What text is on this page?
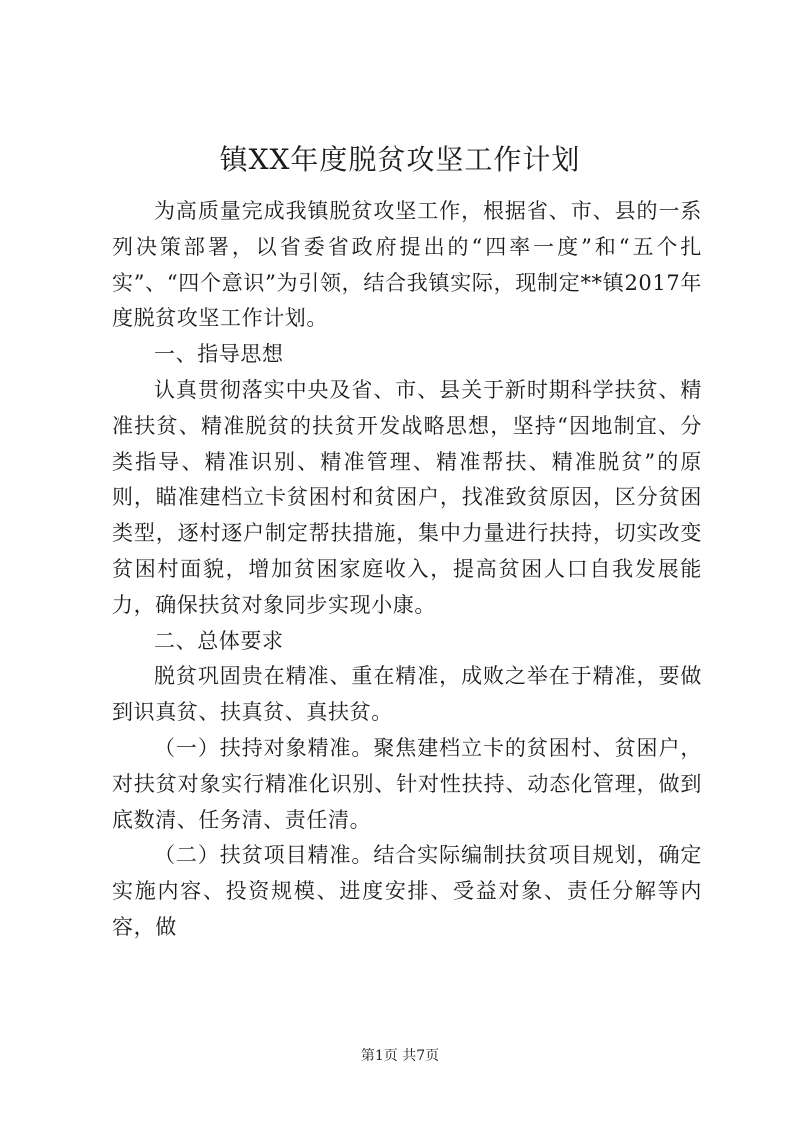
镇XX年度脱贫攻坚工作计划

为高质量完成我镇脱贫攻坚工作，根据省、市、县的一系列决策部署，以省委省政府提出的“四率一度”和“五个扎实”、“四个意识”为引领，结合我镇实际，现制定**镇2017年度脱贫攻坚工作计划。

一、指导思想

认真贯彻落实中央及省、市、县关于新时期科学扶贫、精准扶贫、精准脱贫的扶贫开发战略思想，坚持“因地制宜、分类指导、精准识别、精准管理、精准帮扶、精准脱贫”的原则，瞄准建档立卡贫困村和贫困户，找准致贫原因，区分贫困类型，逐村逐户制定帮扶措施，集中力量进行扶持，切实改变贫困村面貌，增加贫困家庭收入，提高贫困人口自我发展能力，确保扶贫对象同步实现小康。

二、总体要求

脱贫巩固贵在精准、重在精准，成败之举在于精准，要做到识真贫、扶真贫、真扶贫。

（一）扶持对象精准。聚焦建档立卡的贫困村、贫困户，对扶贫对象实行精准化识别、针对性扶持、动态化管理，做到底数清、任务清、责任清。

（二）扶贫项目精准。结合实际编制扶贫项目规划，确定实施内容、投资规模、进度安排、受益对象、责任分解等内容，做

第1页 共7页
